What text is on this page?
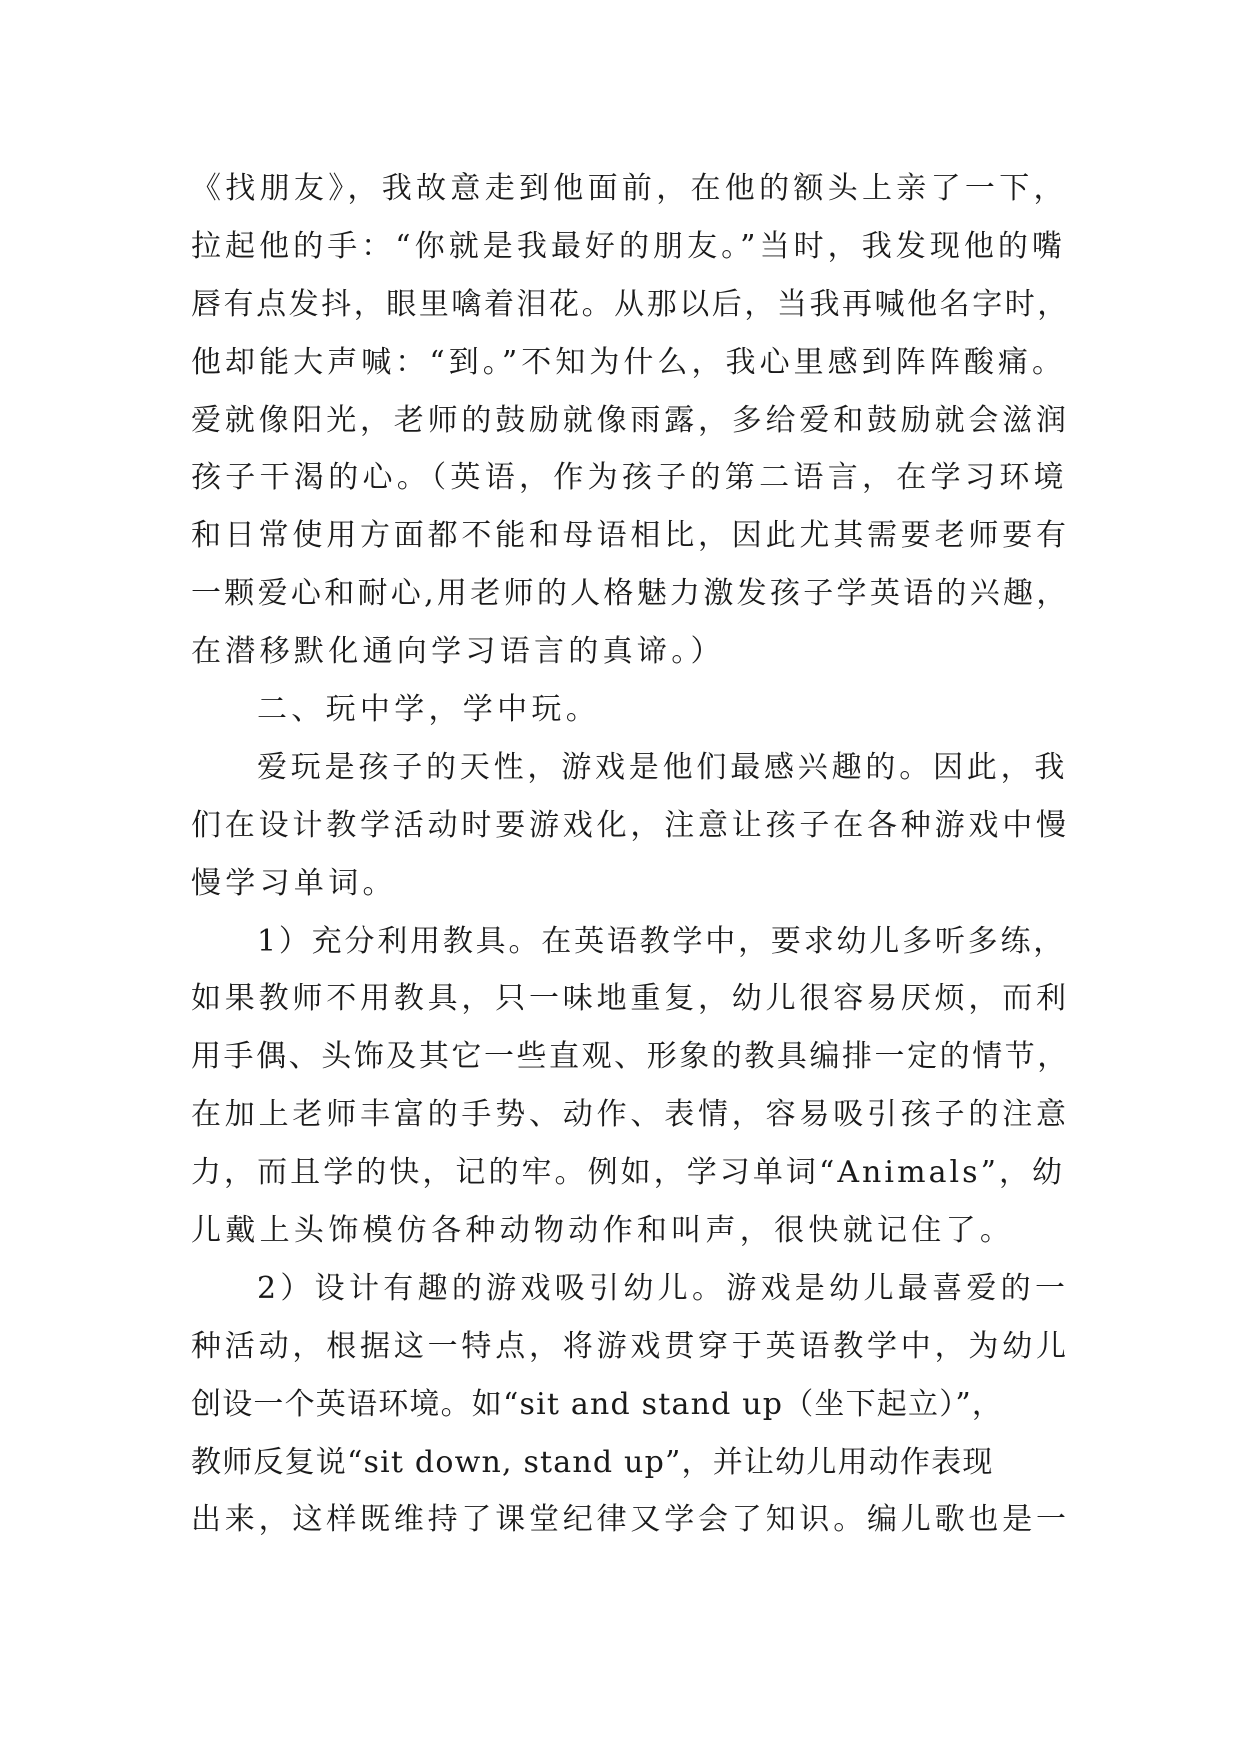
《找朋友》，我故意走到他面前，在他的额头上亲了一下，
拉起他的手：“你就是我最好的朋友。”当时，我发现他的嘴
唇有点发抖，眼里噙着泪花。从那以后，当我再喊他名字时，
他却能大声喊：“到。”不知为什么，我心里感到阵阵酸痛。
爱就像阳光，老师的鼓励就像雨露，多给爱和鼓励就会滋润
孩子干渴的心。（英语，作为孩子的第二语言，在学习环境
和日常使用方面都不能和母语相比，因此尤其需要老师要有
一颗爱心和耐心,用老师的人格魅力激发孩子学英语的兴趣，
在潜移默化通向学习语言的真谛。）
二、玩中学，学中玩。
爱玩是孩子的天性，游戏是他们最感兴趣的。因此，我
们在设计教学活动时要游戏化，注意让孩子在各种游戏中慢
慢学习单词。
1）充分利用教具。在英语教学中，要求幼儿多听多练，
如果教师不用教具，只一味地重复，幼儿很容易厌烦，而利
用手偶、头饰及其它一些直观、形象的教具编排一定的情节，
在加上老师丰富的手势、动作、表情，容易吸引孩子的注意
力，而且学的快，记的牢。例如，学习单词“Animals”，幼
儿戴上头饰模仿各种动物动作和叫声，很快就记住了。
2）设计有趣的游戏吸引幼儿。游戏是幼儿最喜爱的一
种活动，根据这一特点，将游戏贯穿于英语教学中，为幼儿
创设一个英语环境。如“sit and stand up（坐下起立）”，
教师反复说“sit down, stand up”，并让幼儿用动作表现
出来，这样既维持了课堂纪律又学会了知识。编儿歌也是一
